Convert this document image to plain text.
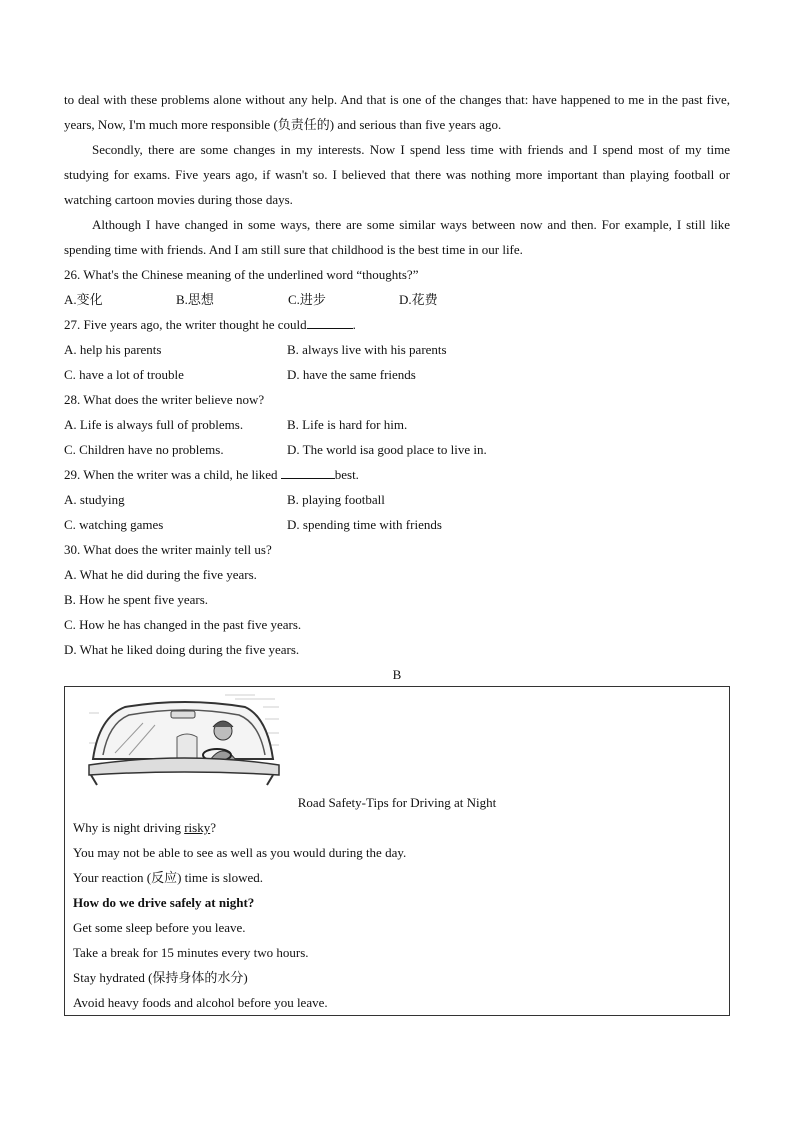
to deal with these problems alone without any help. And that is one of the changes that: have happened to me in the past five, years, Now, I'm much more responsible (负责任的) and serious than five years ago.

Secondly, there are some changes in my interests. Now I spend less time with friends and I spend most of my time studying for exams. Five years ago, if wasn't so. I believed that there was nothing more important than playing football or watching cartoon movies during those days.

Although I have changed in some ways, there are some similar ways between now and then. For example, I still like spending time with friends. And I am still sure that childhood is the best time in our life.

26. What's the Chinese meaning of the underlined word “thoughts?”
A.变化	B.思想	C.进步	D.花费
27. Five years ago, the writer thought he could	.
A. help his parents	B. always live with his parents
C. have a lot of trouble	D. have the same friends
28. What does the writer believe now?
A. Life is always full of problems.	B. Life is hard for him.
C. Children have no problems.	D. The world isa good place to live in.
29. When the writer was a child, he liked	best.
A. studying	B. playing football
C. watching games	D. spending time with friends
30. What does the writer mainly tell us?
A. What he did during the five years.
B. How he spent five years.
C. How he has changed in the past five years.
D. What he liked doing during the five years.
B
Road Safety-Tips for Driving at Night
Why is night driving risky?
You may not be able to see as well as you would during the day.
Your reaction (反应) time is slowed.
How do we drive safely at night?
Get some sleep before you leave.
Take a break for 15 minutes every two hours.
Stay hydrated (保持身体的水分)
Avoid heavy foods and alcohol before you leave.
